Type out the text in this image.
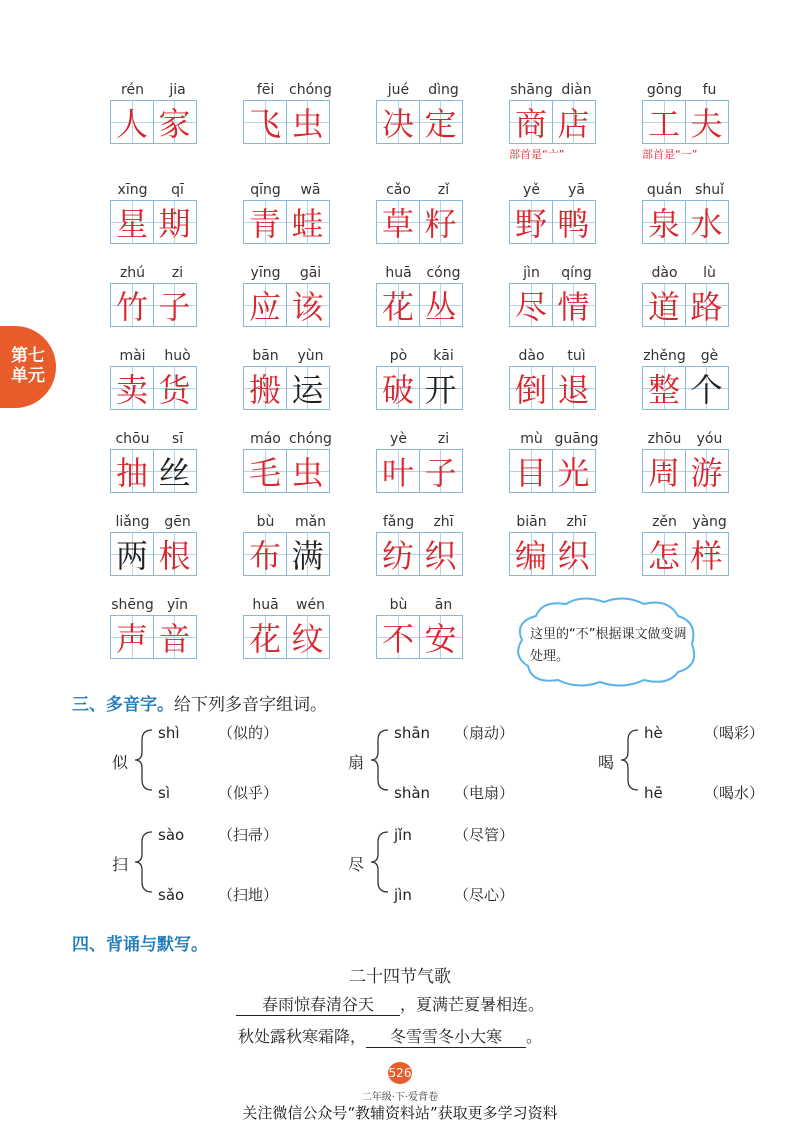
第七
单元
rén jia
人 家
fēi chóng
飞 虫
jué dìng
决 定
shāng diàn
商 店
部首是“亠”
gōng fu
工 夫
部首是“一”
xīng qī
星 期
qīng wā
青 蛙
cǎo zǐ
草 籽
yě yā
野 鸭
quán shuǐ
泉 水
zhú zi
竹 子
yīng gāi
应 该
huā cóng
花 丛
jìn qíng
尽 情
dào lù
道 路
mài huò
卖 货
bān yùn
搬 运
pò kāi
破 开
dào tuì
倒 退
zhěng gè
整 个
chōu sī
抽 丝
máo chóng
毛 虫
yè zi
叶 子
mù guāng
目 光
zhōu yóu
周 游
liǎng gēn
两 根
bù mǎn
布 满
fǎng zhī
纺 织
biān zhī
编 织
zěn yàng
怎 样
shēng yīn
声 音
huā wén
花 纹
bù ān
不 安	这里的“不”根据课文做变调处理。
三、多音字。给下列多音字组词。
似
shì	（似的）
sì	（似乎）
扇
shān （扇动）
shàn （电扇）
喝
hè	（喝彩）
hē	（喝水）
扫
sào （扫帚）
sǎo （扫地）
尽
jǐn	（尽管）
jìn	（尽心）
四、背诵与默写。
二十四节气歌
春雨惊春清谷天 ，夏满芒夏暑相连。
秋处露秋寒霜降， 冬雪雪冬小大寒 。
526
二年级·下·爱背卷
关注微信公众号“教辅资料站”获取更多学习资料
